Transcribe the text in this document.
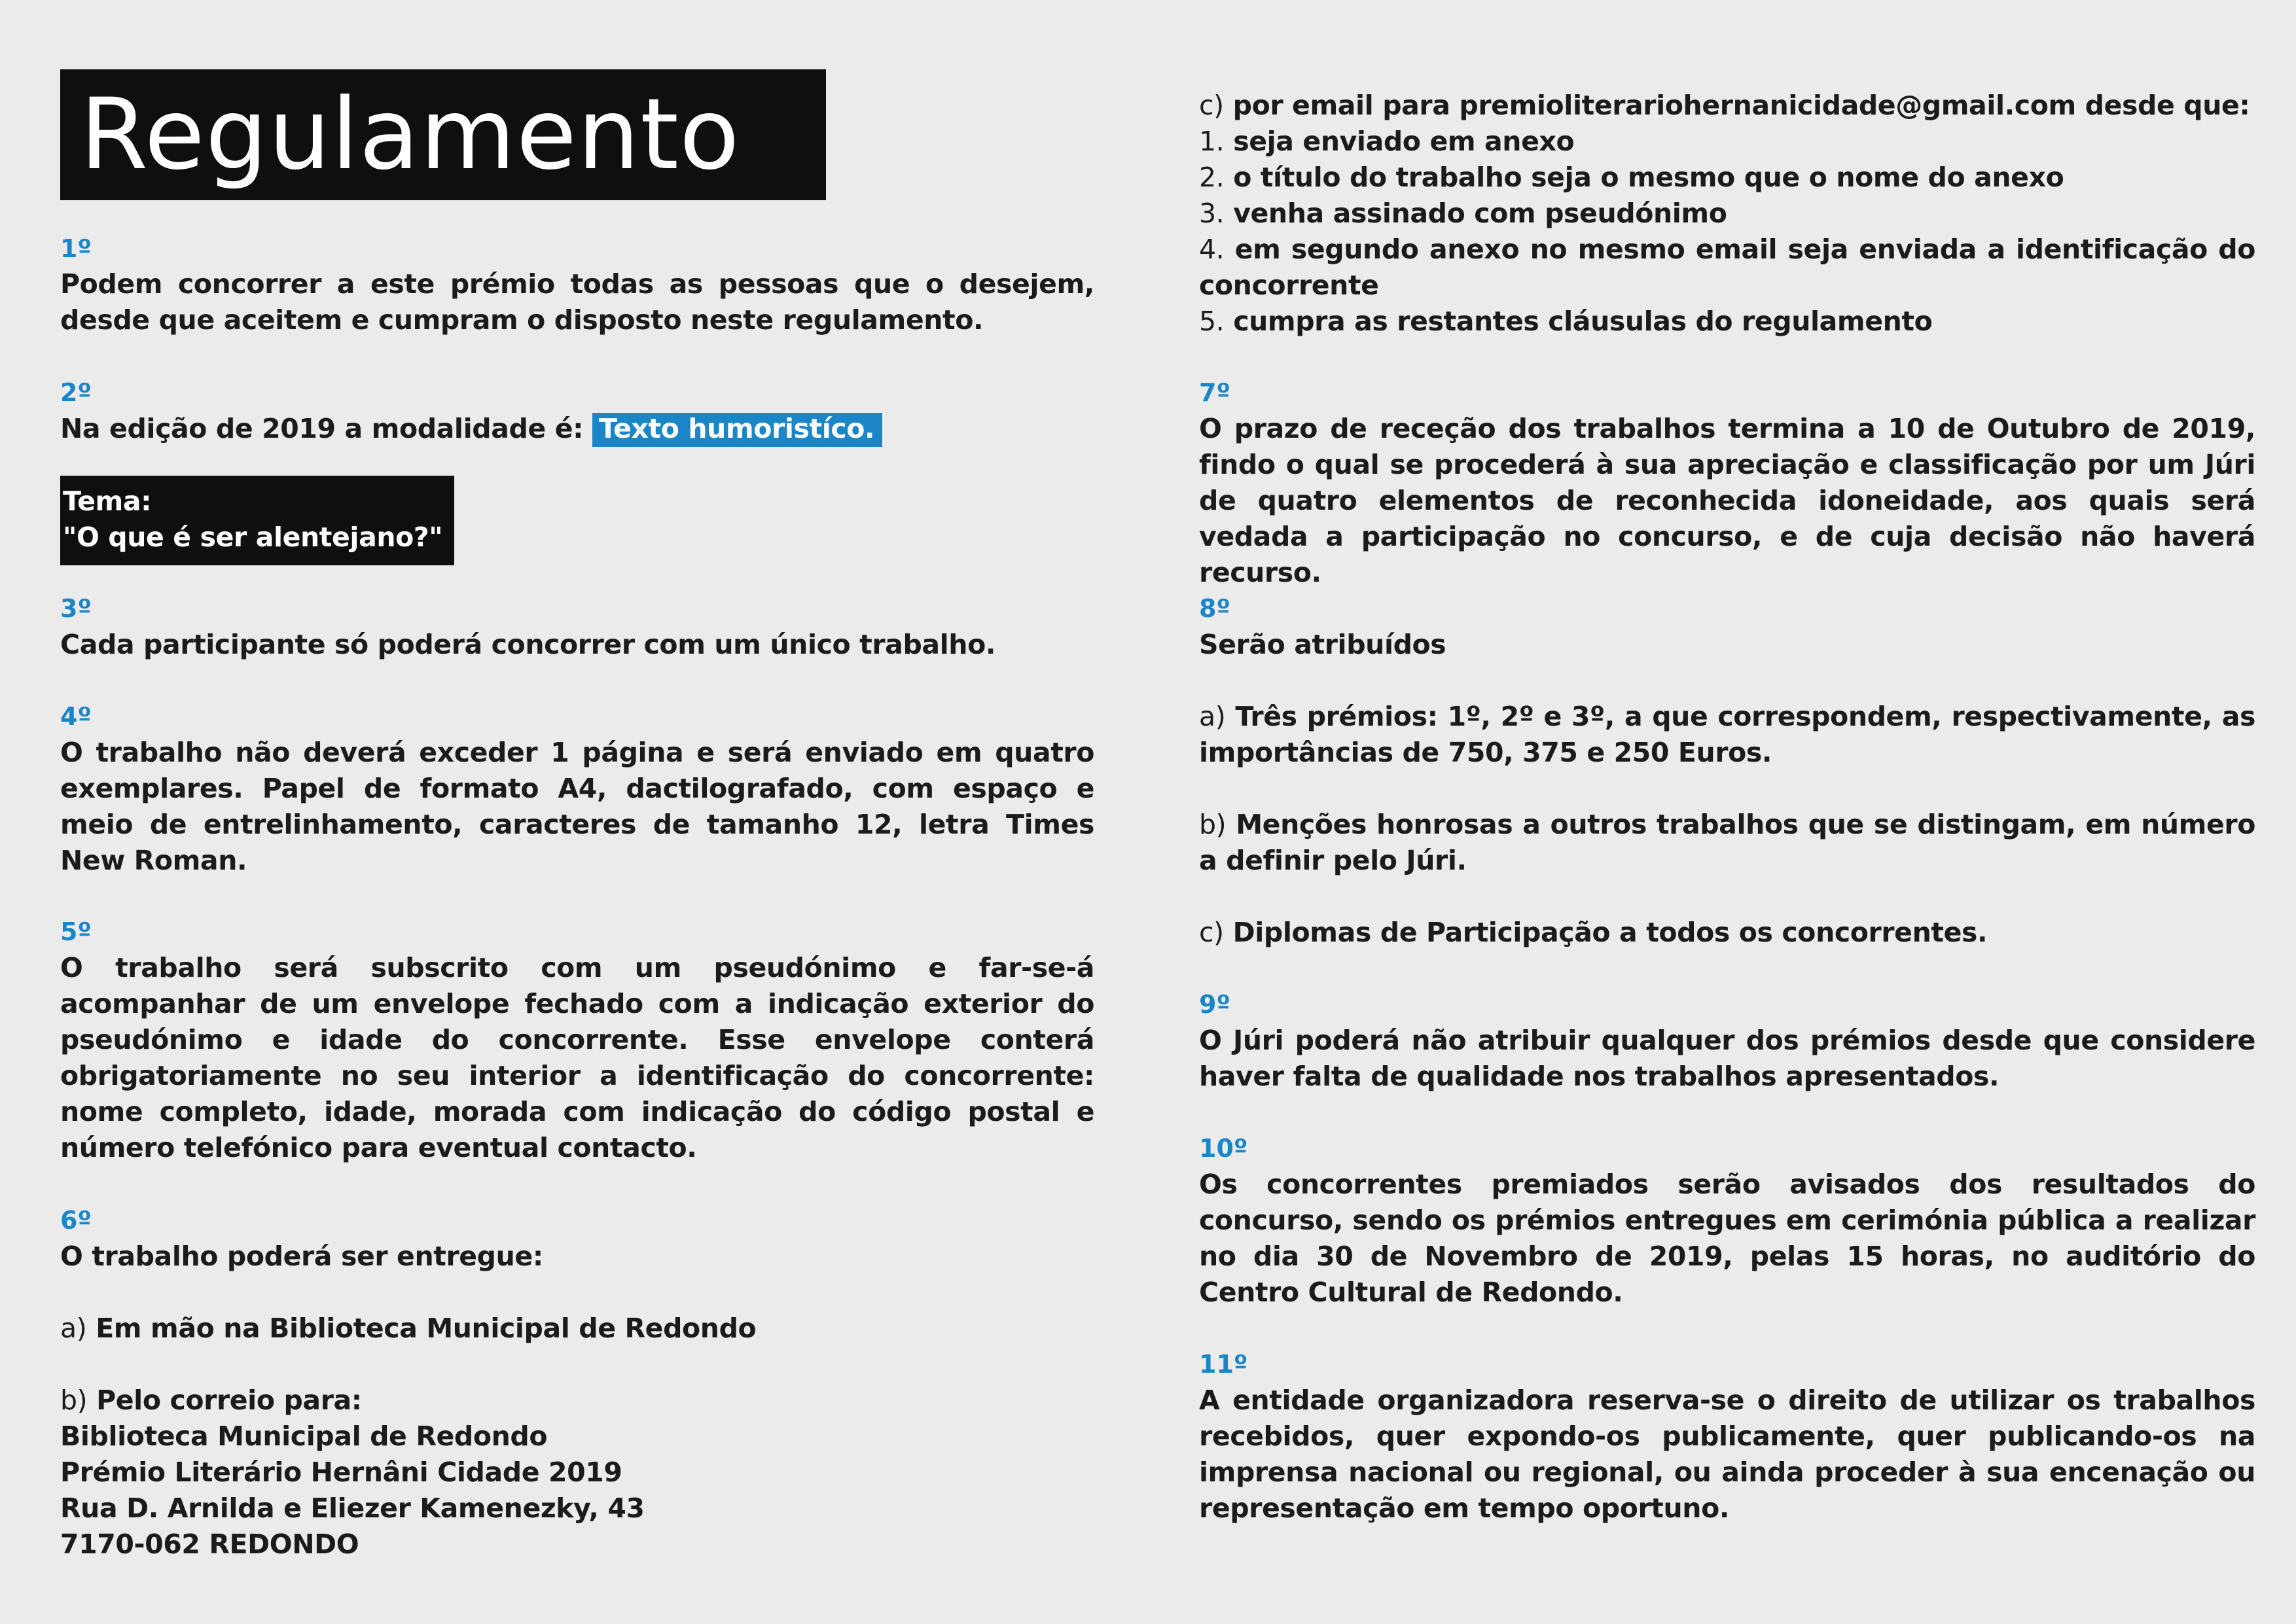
Regulamento

1º

Podem concorrer a este prémio todas as pessoas que o desejem, desde que aceitem e cumpram o disposto neste regulamento.

2º

Na edição de 2019 a modalidade é: Texto humoristíco.

Tema:
"O que é ser alentejano?"

3º

Cada participante só poderá concorrer com um único trabalho.

4º

O trabalho não deverá exceder 1 página e será enviado em quatro exemplares. Papel de formato A4, dactilografado, com espaço e meio de entrelinhamento, caracteres de tamanho 12, letra Times New Roman.

5º

O trabalho será subscrito com um pseudónimo e far-se-á acompanhar de um envelope fechado com a indicação exterior do pseudónimo e idade do concorrente. Esse envelope conterá obrigatoriamente no seu interior a identificação do concorrente: nome completo, idade, morada com indicação do código postal e número telefónico para eventual contacto.

6º

O trabalho poderá ser entregue:

a) Em mão na Biblioteca Municipal de Redondo

b) Pelo correio para:

Biblioteca Municipal de Redondo

Prémio Literário Hernâni Cidade 2019

Rua D. Arnilda e Eliezer Kamenezky, 43

7170-062 REDONDO

c) por email para premioliterariohernanicidade@gmail.com desde que:

1. seja enviado em anexo

2. o título do trabalho seja o mesmo que o nome do anexo

3. venha assinado com pseudónimo

4. em segundo anexo no mesmo email seja enviada a identificação do

concorrente

5. cumpra as restantes cláusulas do regulamento

7º

O prazo de receção dos trabalhos termina a 10 de Outubro de 2019, findo o qual se procederá à sua apreciação e classificação por um Júri de quatro elementos de reconhecida idoneidade, aos quais será vedada a participação no concurso, e de cuja decisão não haverá recurso.

8º

Serão atribuídos

a) Três prémios: 1º, 2º e 3º, a que correspondem, respectivamente, as importâncias de 750, 375 e 250 Euros.

b) Menções honrosas a outros trabalhos que se distingam, em número a definir pelo Júri.

c) Diplomas de Participação a todos os concorrentes.

9º

O Júri poderá não atribuir qualquer dos prémios desde que considere haver falta de qualidade nos trabalhos apresentados.

10º

Os concorrentes premiados serão avisados dos resultados do concurso, sendo os prémios entregues em cerimónia pública a realizar no dia 30 de Novembro de 2019, pelas 15 horas, no auditório do Centro Cultural de Redondo.

11º

A entidade organizadora reserva-se o direito de utilizar os trabalhos recebidos, quer expondo-os publicamente, quer publicando-os na imprensa nacional ou regional, ou ainda proceder à sua encenação ou representação em tempo oportuno.
